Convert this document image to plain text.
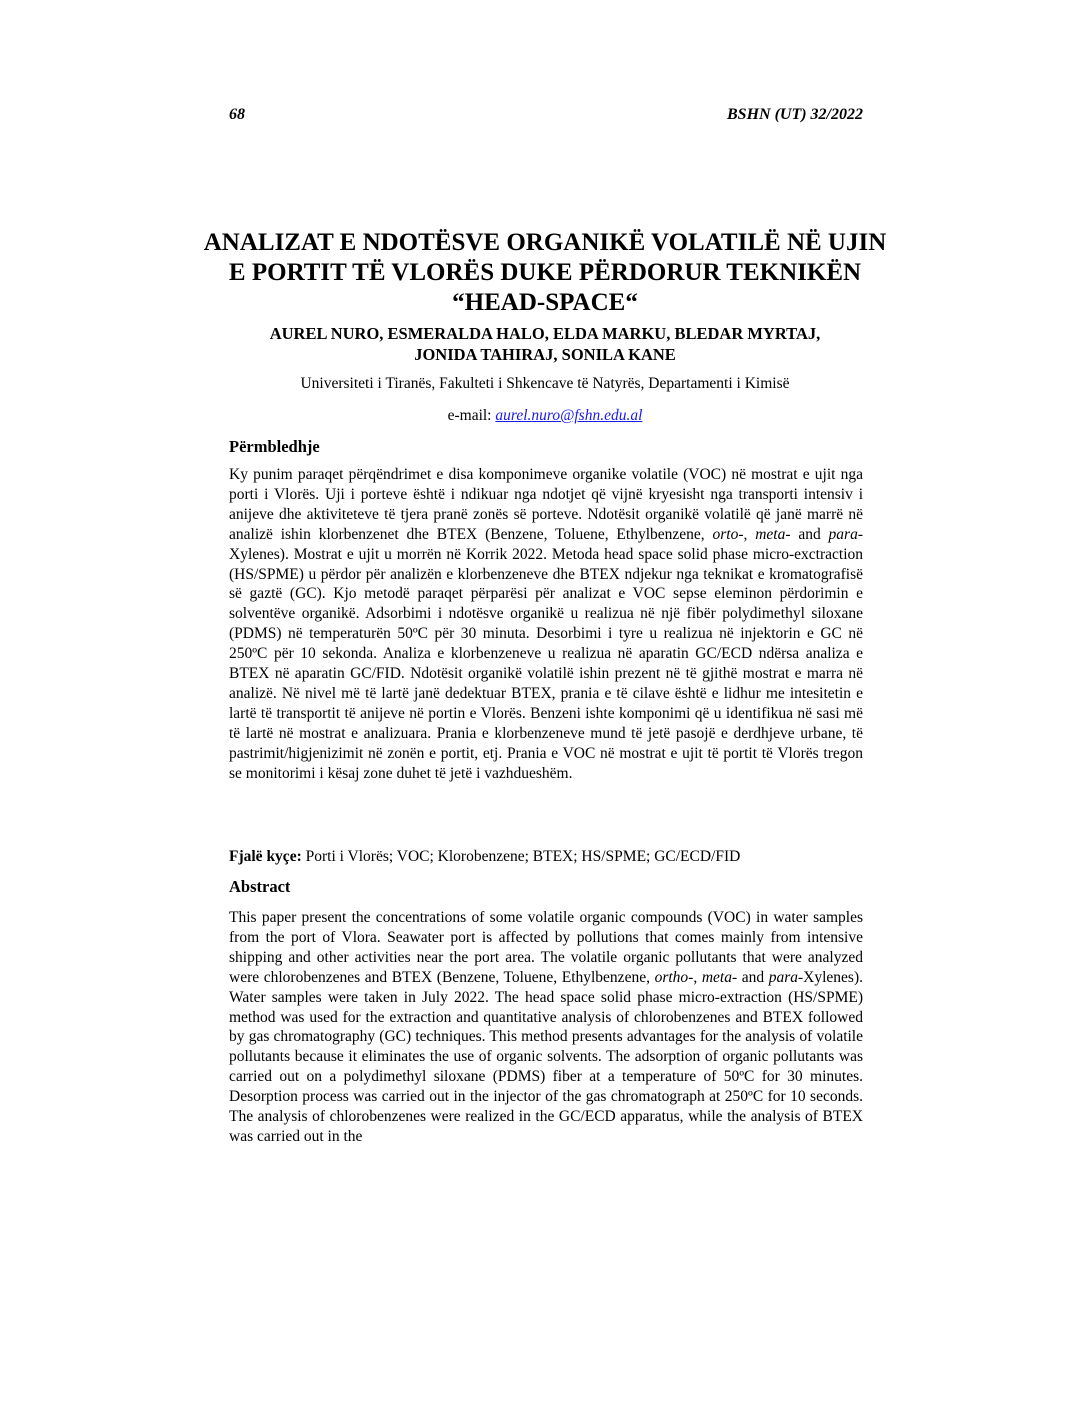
68	BSHN (UT) 32/2022
ANALIZAT E NDOTËSVE ORGANIKË VOLATILË NË UJIN E PORTIT TË VLORËS DUKE PËRDORUR TEKNIKËN “HEAD-SPACE“
AUREL NURO, ESMERALDA HALO, ELDA MARKU, BLEDAR MYRTAJ,
JONIDA TAHIRAJ, SONILA KANE
Universiteti i Tiranës, Fakulteti i Shkencave të Natyrës, Departamenti i Kimisë
e-mail: aurel.nuro@fshn.edu.al
Përmbledhje

Ky punim paraqet përqëndrimet e disa komponimeve organike volatile (VOC) në mostrat e ujit nga porti i Vlorës. Uji i porteve është i ndikuar nga ndotjet që vijnë kryesisht nga transporti intensiv i anijeve dhe aktiviteteve të tjera pranë zonës së porteve. Ndotësit organikë volatilë që janë marrë në analizë ishin klorbenzenet dhe BTEX (Benzene, Toluene, Ethylbenzene, orto-, meta- and para-Xylenes). Mostrat e ujit u morrën në Korrik 2022. Metoda head space solid phase micro-exctraction (HS/SPME) u përdor për analizën e klorbenzeneve dhe BTEX ndjekur nga teknikat e kromatografisë së gaztë (GC). Kjo metodë paraqet përparësi për analizat e VOC sepse eleminon përdorimin e solventëve organikë. Adsorbimi i ndotësve organikë u realizua në një fibër polydimethyl siloxane (PDMS) në temperaturën 50ºC për 30 minuta. Desorbimi i tyre u realizua në injektorin e GC në 250ºC për 10 sekonda. Analiza e klorbenzeneve u realizua në aparatin GC/ECD ndërsa analiza e BTEX në aparatin GC/FID. Ndotësit organikë volatilë ishin prezent në të gjithë mostrat e marra në analizë. Në nivel më të lartë janë dedektuar BTEX, prania e të cilave është e lidhur me intesitetin e lartë të transportit të anijeve në portin e Vlorës. Benzeni ishte komponimi që u identifikua në sasi më të lartë në mostrat e analizuara. Prania e klorbenzeneve mund të jetë pasojë e derdhjeve urbane, të pastrimit/higjenizimit në zonën e portit, etj. Prania e VOC në mostrat e ujit të portit të Vlorës tregon se monitorimi i kësaj zone duhet të jetë i vazhdueshëm.

Fjalë kyçe: Porti i Vlorës; VOC; Klorobenzene; BTEX; HS/SPME; GC/ECD/FID
Abstract

This paper present the concentrations of some volatile organic compounds (VOC) in water samples from the port of Vlora. Seawater port is affected by pollutions that comes mainly from intensive shipping and other activities near the port area. The volatile organic pollutants that were analyzed were chlorobenzenes and BTEX (Benzene, Toluene, Ethylbenzene, ortho-, meta- and para-Xylenes). Water samples were taken in July 2022. The head space solid phase micro-extraction (HS/SPME) method was used for the extraction and quantitative analysis of chlorobenzenes and BTEX followed by gas chromatography (GC) techniques. This method presents advantages for the analysis of volatile pollutants because it eliminates the use of organic solvents. The adsorption of organic pollutants was carried out on a polydimethyl siloxane (PDMS) fiber at a temperature of 50ºC for 30 minutes. Desorption process was carried out in the injector of the gas chromatograph at 250ºC for 10 seconds. The analysis of chlorobenzenes were realized in the GC/ECD apparatus, while the analysis of BTEX was carried out in the
